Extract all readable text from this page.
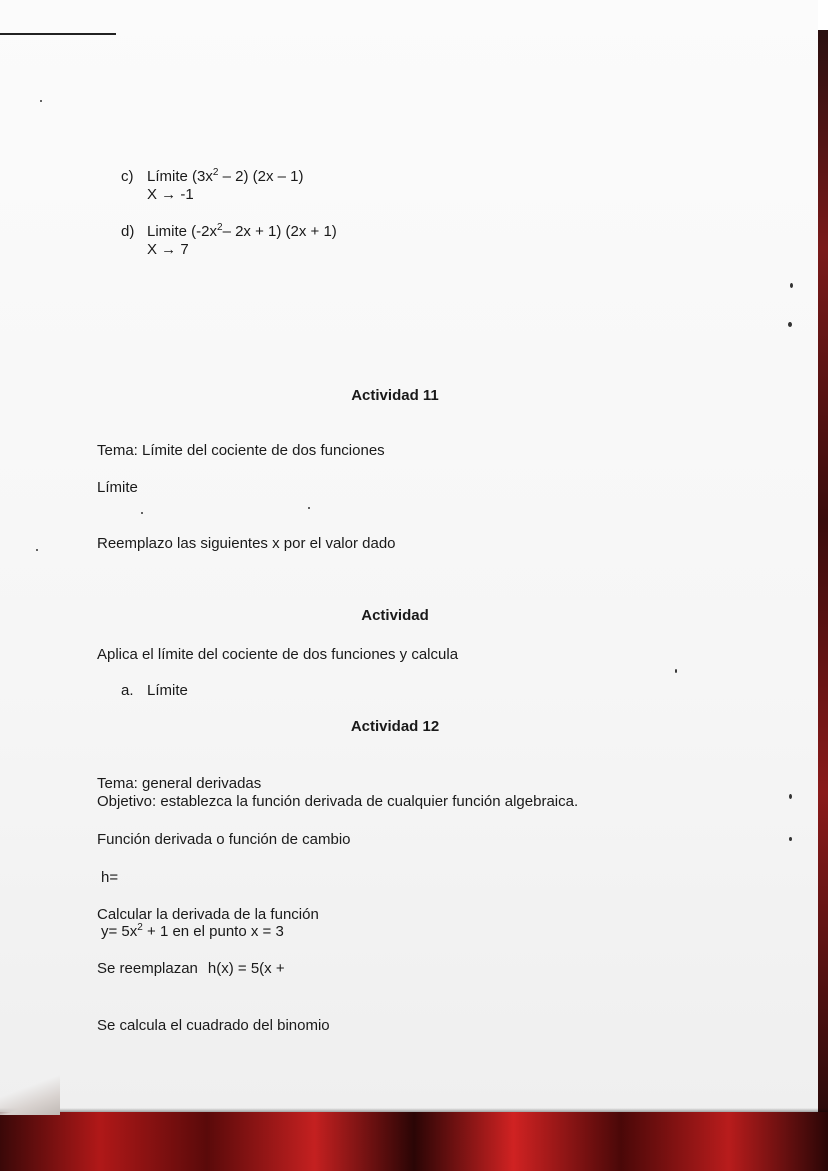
c) Límite $(3x^2 - 2)$ (2x – 1)
X → -1
d) Limite ($-2x^2-$ 2x + 1) (2x + 1)
X → 7
Actividad 11
Tema: Límite del cociente de dos funciones
Límite
Reemplazo las siguientes x por el valor dado
Actividad
Aplica el límite del cociente de dos funciones y calcula
a. Límite
Actividad 12
Tema: general derivadas
Objetivo: establezca la función derivada de cualquier función algebraica.
Función derivada o función de cambio
h=
Calcular la derivada de la función
$y= 5x^2 + 1$ en el punto x = 3
Se reemplazan h(x) = 5(x +
Se calcula el cuadrado del binomio
